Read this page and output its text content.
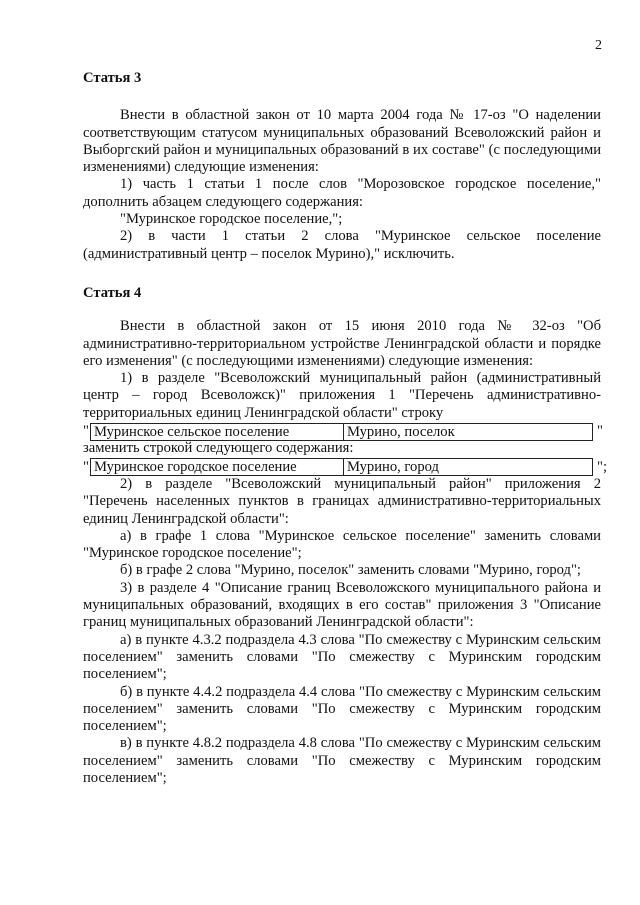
2
Статья 3

Внести в областной закон от 10 марта 2004 года № 17-оз "О наделении соответствующим статусом муниципальных образований Всеволожский район и Выборгский район и муниципальных образований в их составе" (с последующими изменениями) следующие изменения:

1) часть 1 статьи 1 после слов "Морозовское городское поселение," дополнить абзацем следующего содержания:

"Муринское городское поселение,";

2) в части 1 статьи 2 слова "Муринское сельское поселение (административный центр – поселок Мурино)," исключить.

Статья 4

Внести в областной закон от 15 июня 2010 года № 32-оз "Об административно-территориальном устройстве Ленинградской области и порядке его изменения" (с последующими изменениями) следующие изменения:

1) в разделе "Всеволожский муниципальный район (административный центр – город Всеволожск)" приложения 1 "Перечень административно-территориальных единиц Ленинградской области" строку

" Муринское сельское поселение	Мурино, поселок	"

заменить строкой следующего содержания:

" Муринское городское поселение	Мурино, город	";

2) в разделе "Всеволожский муниципальный район" приложения 2 "Перечень населенных пунктов в границах административно-территориальных единиц Ленинградской области":

а) в графе 1 слова "Муринское сельское поселение" заменить словами "Муринское городское поселение";

б) в графе 2 слова "Мурино, поселок" заменить словами "Мурино, город";

3) в разделе 4 "Описание границ Всеволожского муниципального района и муниципальных образований, входящих в его состав" приложения 3 "Описание границ муниципальных образований Ленинградской области":

а) в пункте 4.3.2 подраздела 4.3 слова "По смежеству с Муринским сельским поселением" заменить словами "По смежеству с Муринским городским поселением";

б) в пункте 4.4.2 подраздела 4.4 слова "По смежеству с Муринским сельским поселением" заменить словами "По смежеству с Муринским городским поселением";

в) в пункте 4.8.2 подраздела 4.8 слова "По смежеству с Муринским сельским поселением" заменить словами "По смежеству с Муринским городским поселением";
